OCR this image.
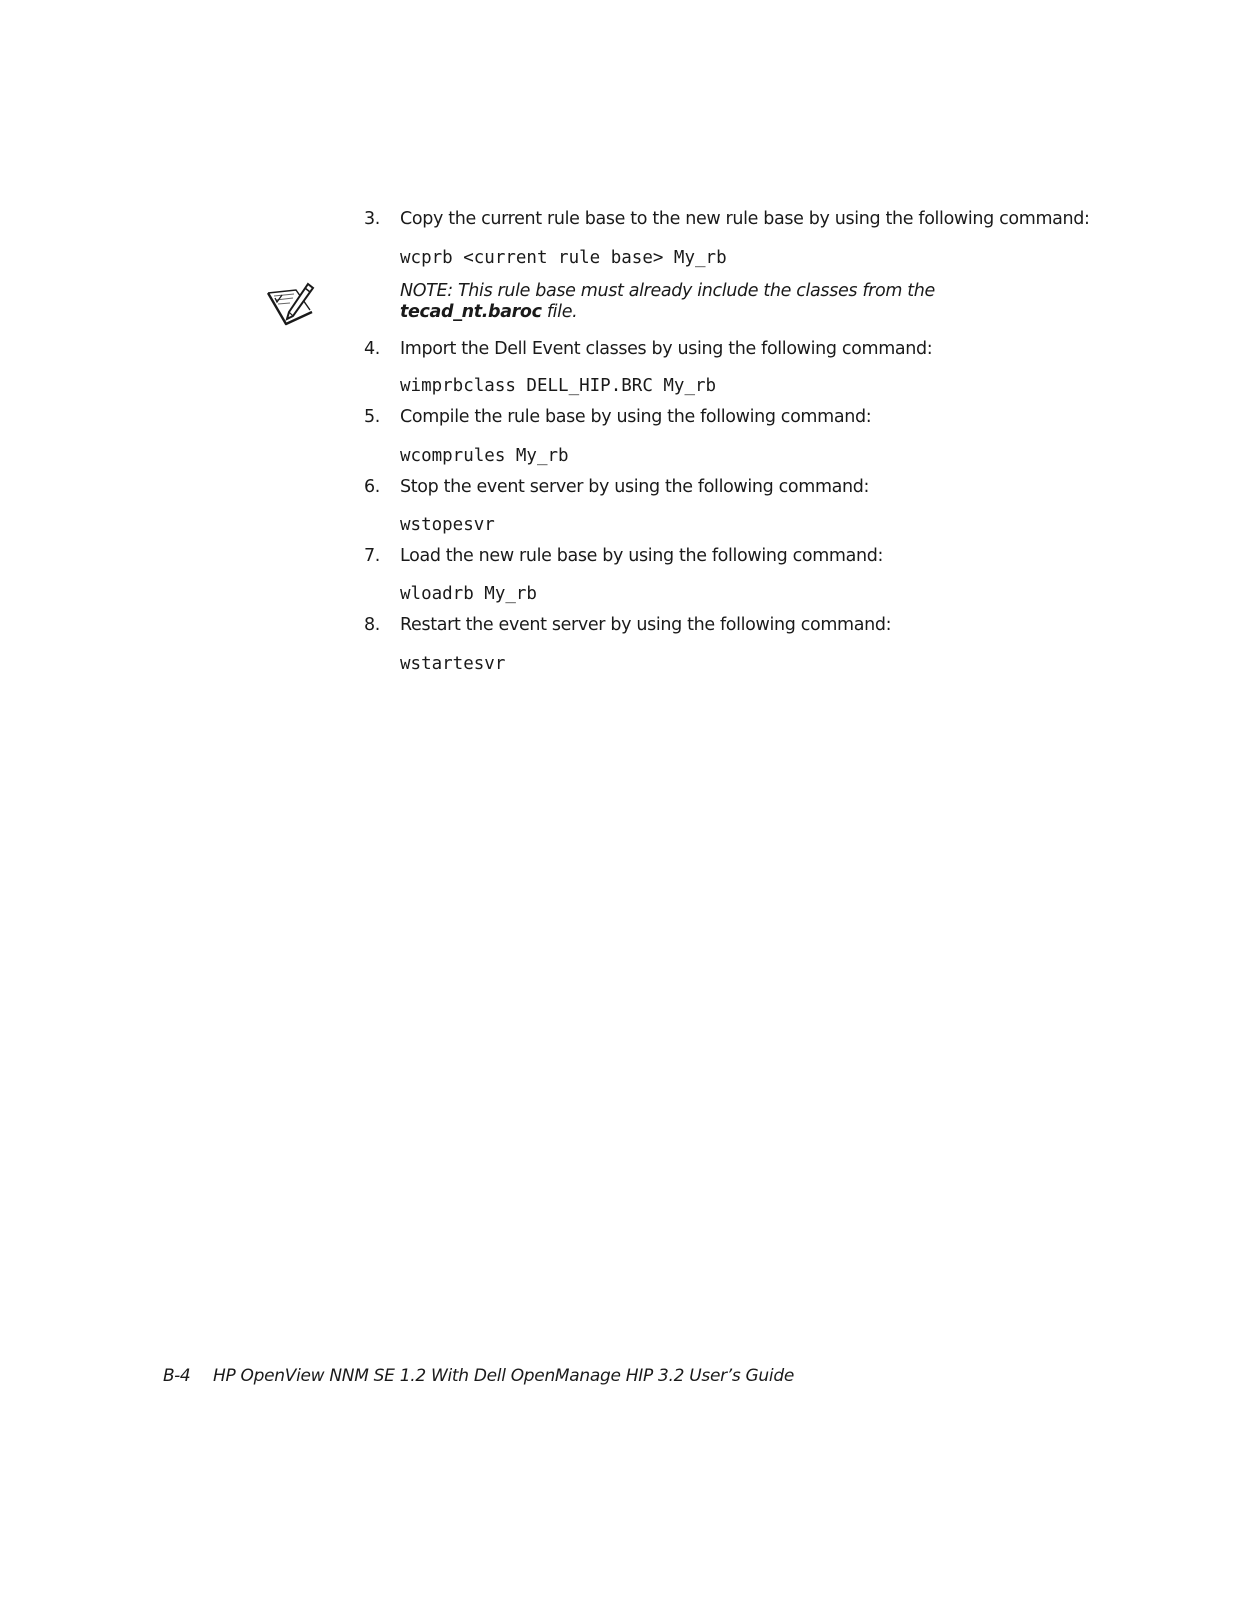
3. Copy the current rule base to the new rule base by using the following command:
wcprb <current rule base> My_rb
NOTE: This rule base must already include the classes from the tecad_nt.baroc file.
4. Import the Dell Event classes by using the following command:
wimprbclass DELL_HIP.BRC My_rb
5. Compile the rule base by using the following command:
wcomprules My_rb
6. Stop the event server by using the following command:
wstopesvr
7. Load the new rule base by using the following command:
wloadrb My_rb
8. Restart the event server by using the following command:
wstartesvr
B-4 HP OpenView NNM SE 1.2 With Dell OpenManage HIP 3.2 User’s Guide
